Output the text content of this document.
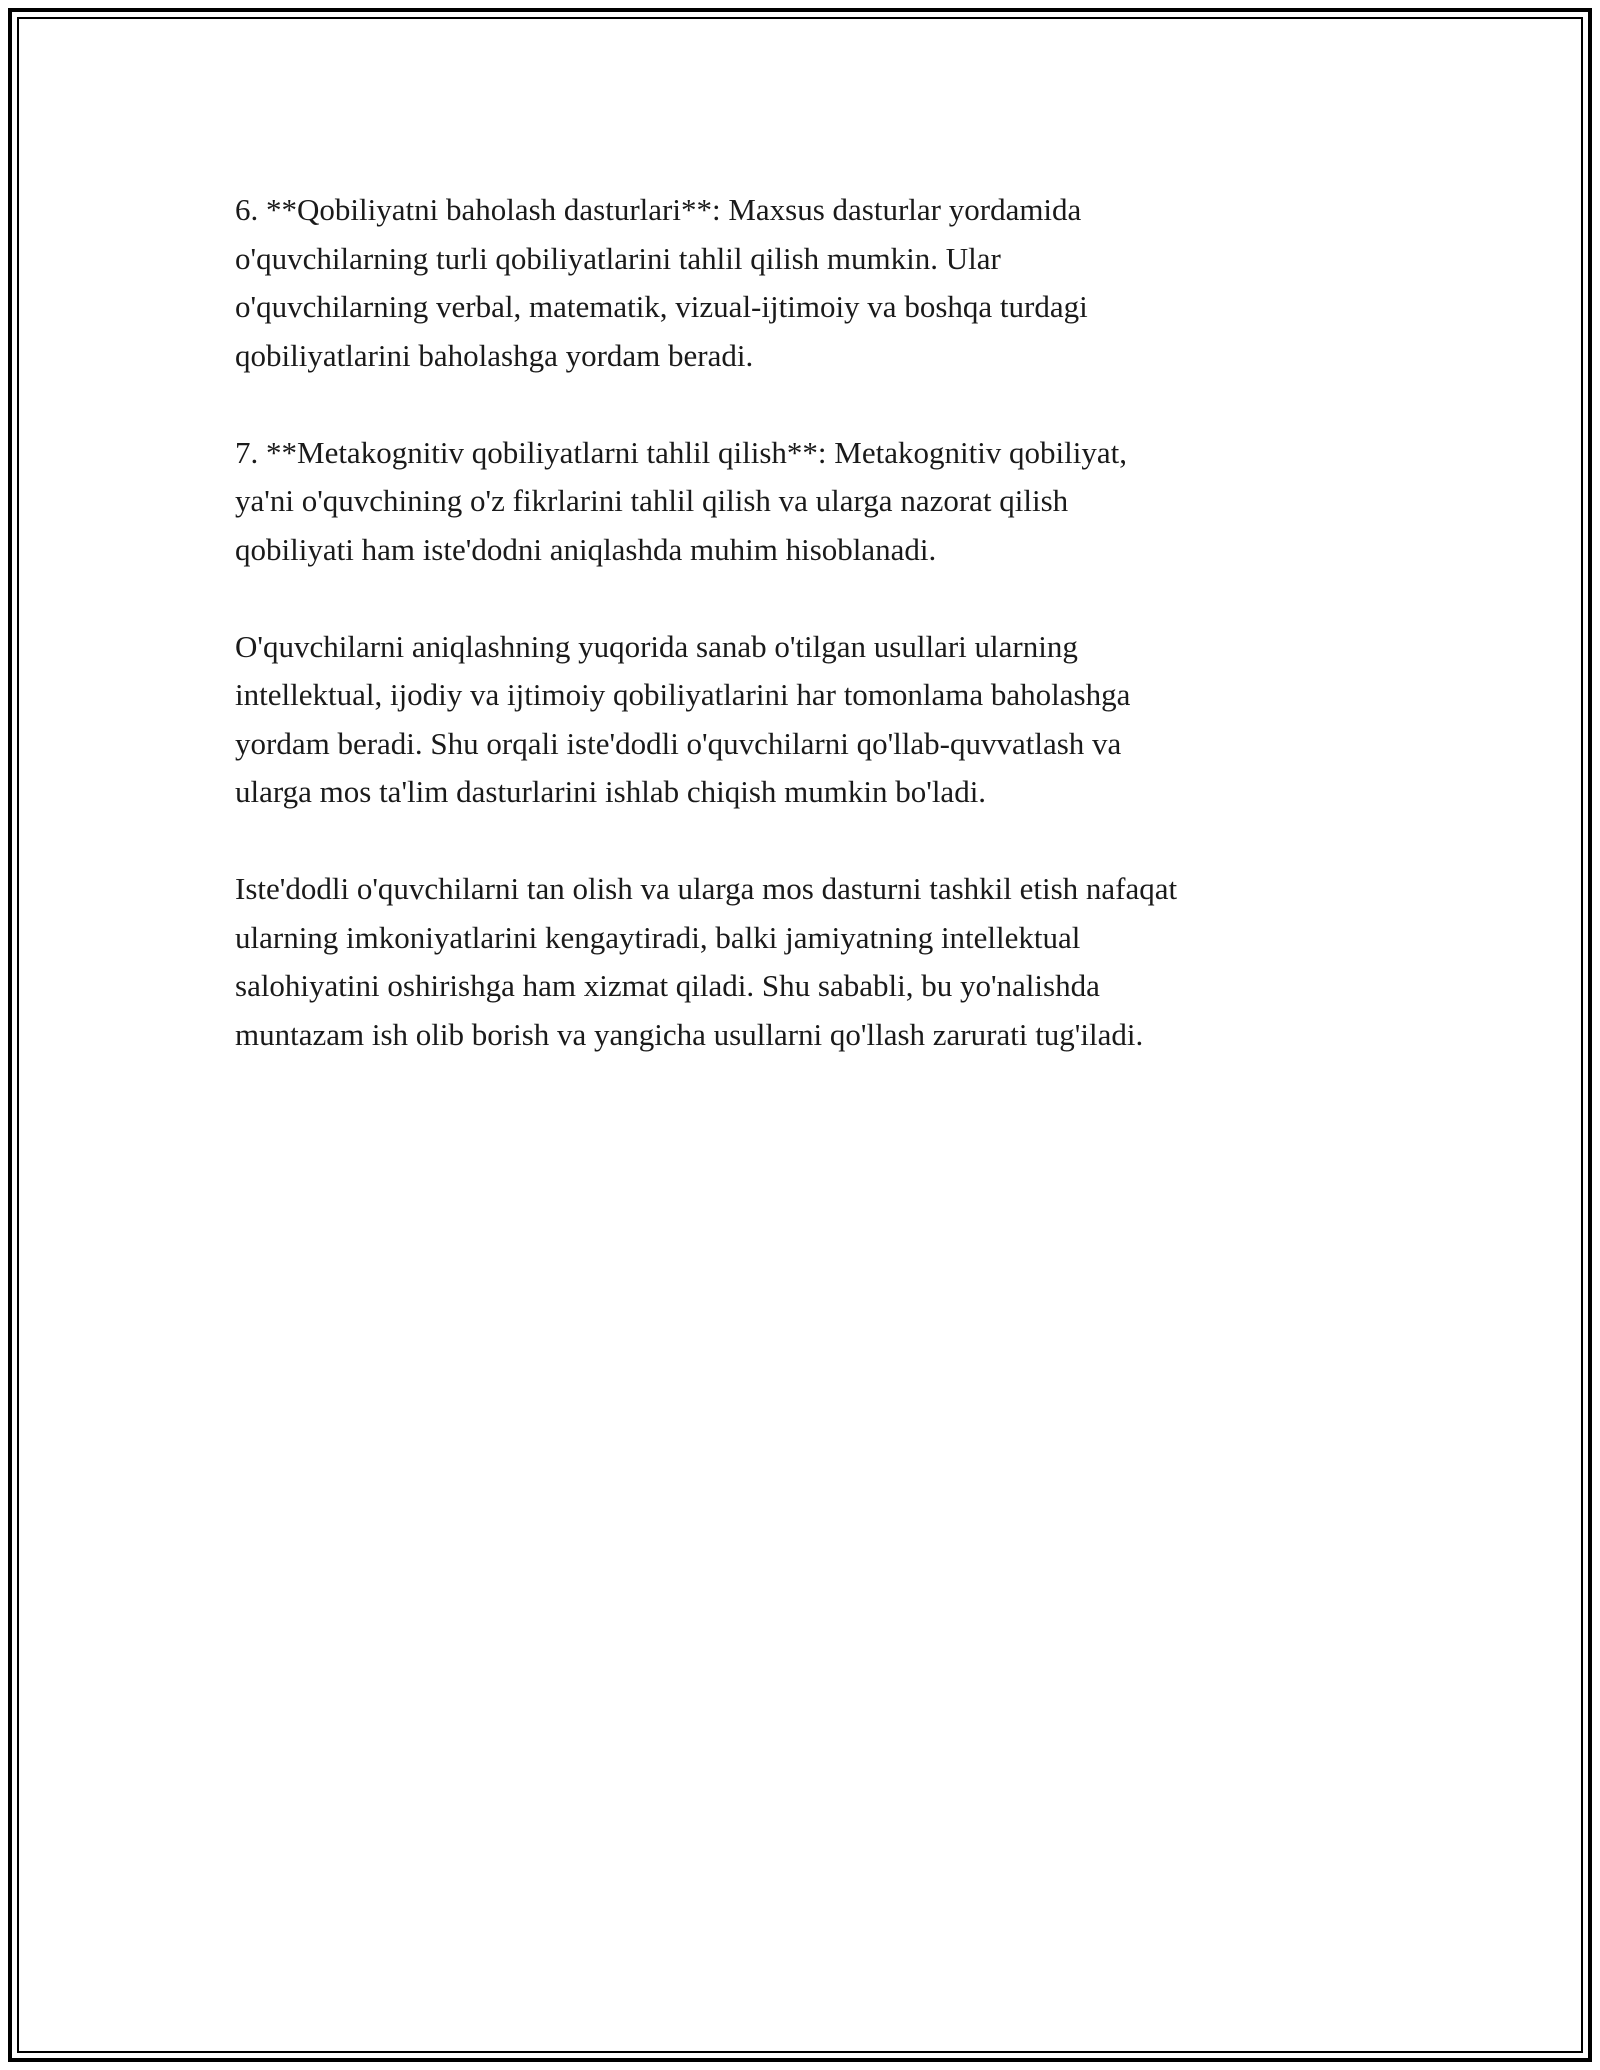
6. **Qobiliyatni baholash dasturlari**: Maxsus dasturlar yordamida
o'quvchilarning turli qobiliyatlarini tahlil qilish mumkin. Ular
o'quvchilarning verbal, matematik, vizual-ijtimoiy va boshqa turdagi
qobiliyatlarini baholashga yordam beradi.

7. **Metakognitiv qobiliyatlarni tahlil qilish**: Metakognitiv qobiliyat,
ya'ni o'quvchining o'z fikrlarini tahlil qilish va ularga nazorat qilish
qobiliyati ham iste'dodni aniqlashda muhim hisoblanadi.

O'quvchilarni aniqlashning yuqorida sanab o'tilgan usullari ularning
intellektual, ijodiy va ijtimoiy qobiliyatlarini har tomonlama baholashga
yordam beradi. Shu orqali iste'dodli o'quvchilarni qo'llab-quvvatlash va
ularga mos ta'lim dasturlarini ishlab chiqish mumkin bo'ladi.

Iste'dodli o'quvchilarni tan olish va ularga mos dasturni tashkil etish nafaqat
ularning imkoniyatlarini kengaytiradi, balki jamiyatning intellektual
salohiyatini oshirishga ham xizmat qiladi. Shu sababli, bu yo'nalishda
muntazam ish olib borish va yangicha usullarni qo'llash zarurati tug'iladi.
